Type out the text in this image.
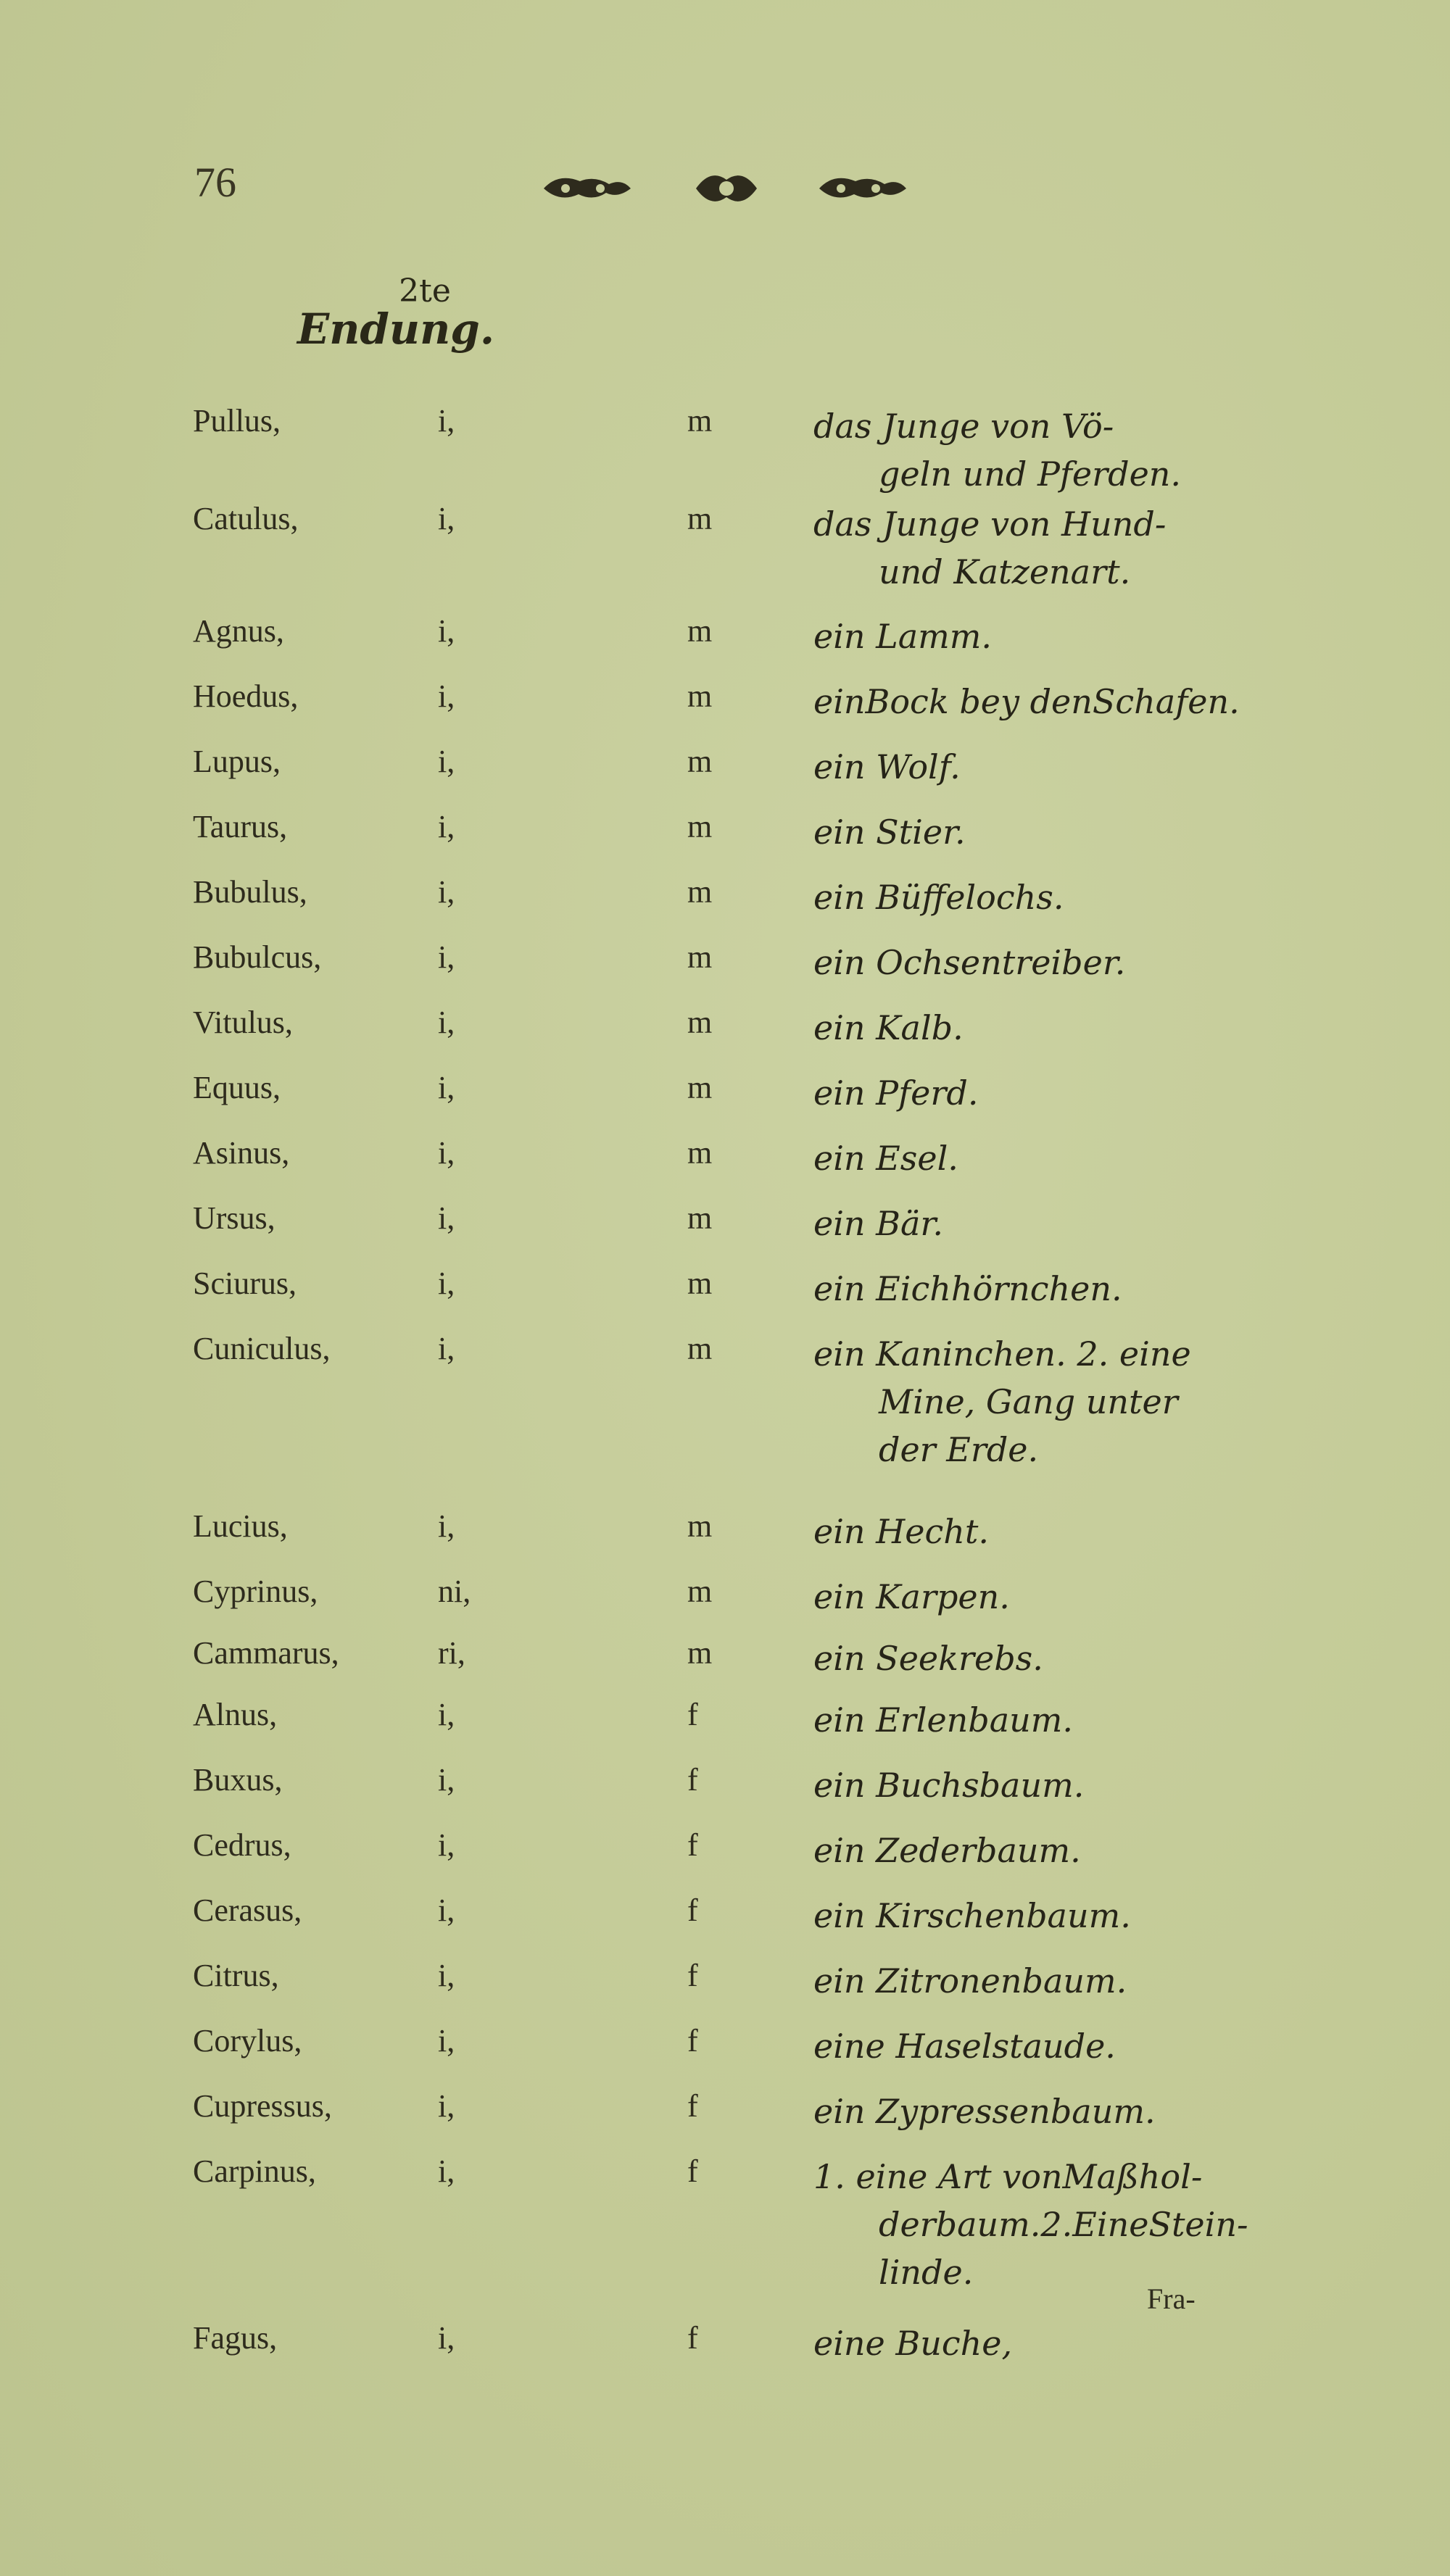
76
2te
Endung.
Pullus,	i,	m	das Junge von Vö-
geln und Pferden.
Catulus,	i,	m	das Junge von Hund-
und Katzenart.
Agnus,	i,	m	ein Lamm.
Hoedus,	i,	m	einBock bey denSchafen.
Lupus,	i,	m	ein Wolf.
Taurus,	i,	m	ein Stier.
Bubulus,	i,	m	ein Büffelochs.
Bubulcus,	i,	m	ein Ochsentreiber.
Vitulus,	i,	m	ein Kalb.
Equus,	i,	m	ein Pferd.
Asinus,	i,	m	ein Esel.
Ursus,	i,	m	ein Bär.
Sciurus,	i,	m	ein Eichhörnchen.
Cuniculus,	i,	m	ein Kaninchen. 2. eine
Mine, Gang unter
der Erde.
Lucius,	i,	m	ein Hecht.
Cyprinus,	ni,	m	ein Karpen.
Cammarus,	ri,	m	ein Seekrebs.
Alnus,	i,	f	ein Erlenbaum.
Buxus,	i,	f	ein Buchsbaum.
Cedrus,	i,	f	ein Zederbaum.
Cerasus,	i,	f	ein Kirschenbaum.
Citrus,	i,	f	ein Zitronenbaum.
Corylus,	i,	f	eine Haselstaude.
Cupressus,	i,	f	ein Zypressenbaum.
Carpinus,	i,	f	1. eine Art vonMaßhol-
derbaum.2.EineStein-
linde.
Fagus,	i,	f	eine Buche,
Fra-
